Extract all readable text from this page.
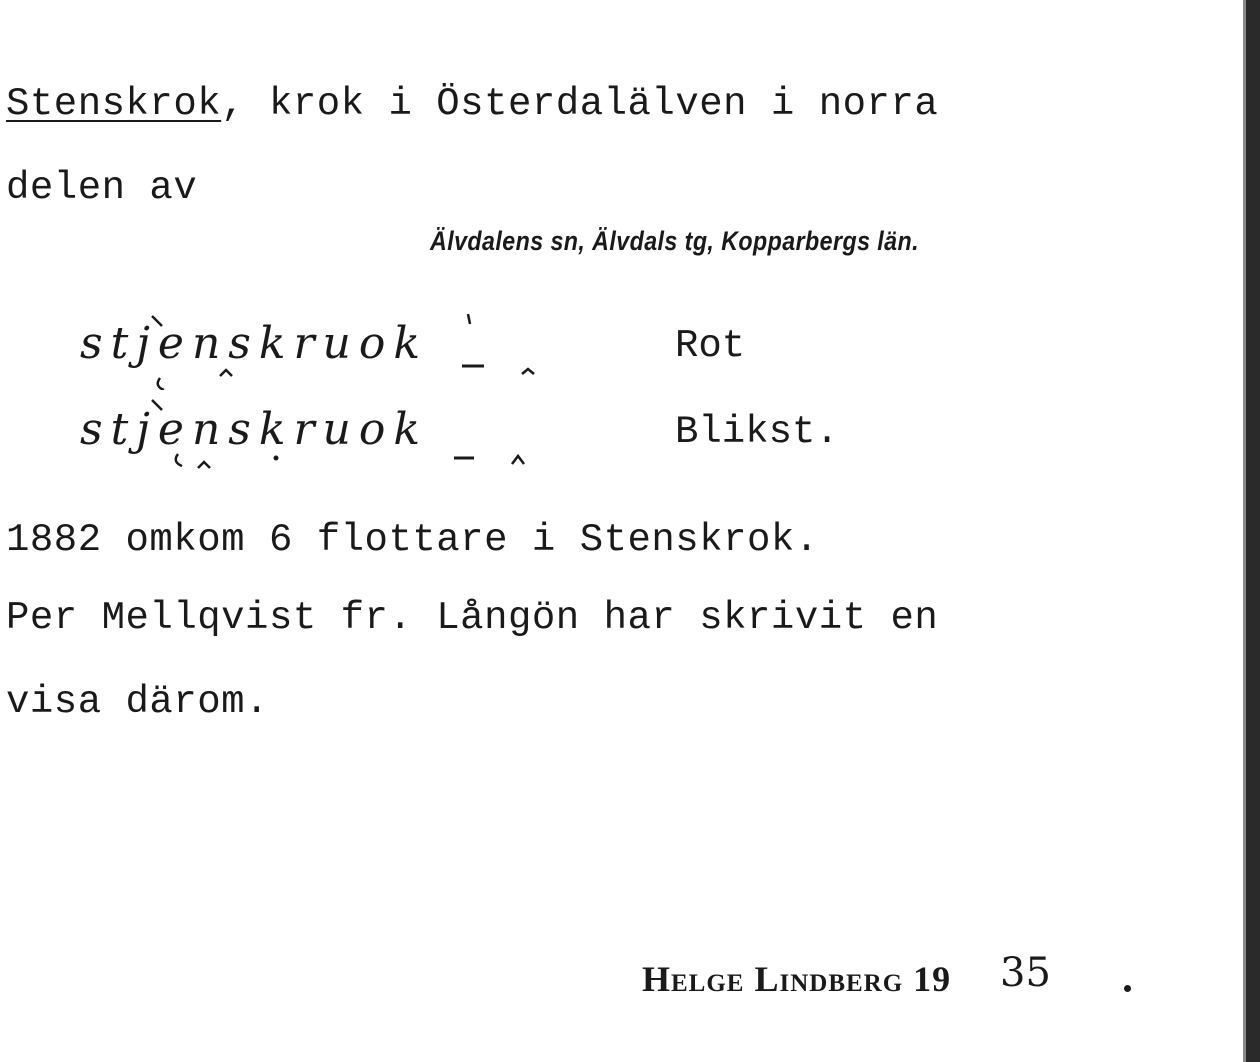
Stenskrok, krok i Österdalälven i norra
delen av
Älvdalens sn, Älvdals tg, Kopparbergs län.
stjenskruok	Rot
stjenskruok	Blikst.
1882 omkom 6 flottare i Stenskrok.
Per Mellqvist fr. Långön har skrivit en
visa därom.
Helge Lindberg 19 35
